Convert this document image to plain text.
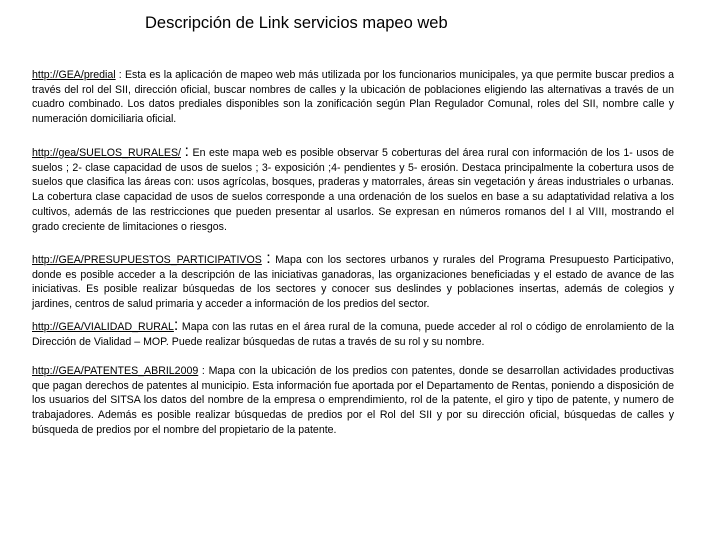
Descripción de Link servicios mapeo web
http://GEA/predial : Esta es la aplicación de mapeo web más utilizada por los funcionarios municipales, ya que permite buscar predios a través del rol del SII, dirección oficial, buscar nombres de calles y la ubicación de poblaciones eligiendo las alternativas a través de un cuadro combinado. Los datos prediales disponibles son la zonificación según Plan Regulador Comunal, roles del SII, nombre calle y numeración domiciliaria oficial.
http://gea/SUELOS_RURALES/ : En este mapa web es posible observar 5 coberturas del área rural con información de los 1- usos de suelos ; 2- clase capacidad de usos de suelos ; 3- exposición ;4- pendientes y 5- erosión. Destaca principalmente la cobertura usos de suelos que clasifica las áreas con: usos agrícolas, bosques, praderas y matorrales, áreas sin vegetación y áreas industriales o urbanas. La cobertura clase capacidad de usos de suelos corresponde a una ordenación de los suelos en base a su adaptatividad relativa a los cultivos, además de las restricciones que pueden presentar al usarlos. Se expresan en números romanos del I al VIII, mostrando el grado creciente de limitaciones o riesgos.
http://GEA/PRESUPUESTOS_PARTICIPATIVOS : Mapa con los sectores urbanos y rurales del Programa Presupuesto Participativo, donde es posible acceder a la descripción de las iniciativas ganadoras, las organizaciones beneficiadas y el estado de avance de las iniciativas. Es posible realizar búsquedas de los sectores y conocer sus deslindes y poblaciones insertas, además de colegios y jardines, centros de salud primaria y acceder a información de los predios del sector.
http://GEA/VIALIDAD_RURAL: Mapa con las rutas en el área rural de la comuna, puede acceder al rol o código de enrolamiento de la Dirección de Vialidad – MOP. Puede realizar búsquedas de rutas a través de su rol y su nombre.
http://GEA/PATENTES_ABRIL2009 : Mapa con la ubicación de los predios con patentes, donde se desarrollan actividades productivas que pagan derechos de patentes al municipio. Esta información fue aportada por el Departamento de Rentas, poniendo a disposición de los usuarios del SITSA los datos del nombre de la empresa o emprendimiento, rol de la patente, el giro y tipo de patente, y numero de trabajadores. Además es posible realizar búsquedas de predios por el Rol del SII y por su dirección oficial, búsquedas de calles y búsqueda de predios por el nombre del propietario de la patente.
